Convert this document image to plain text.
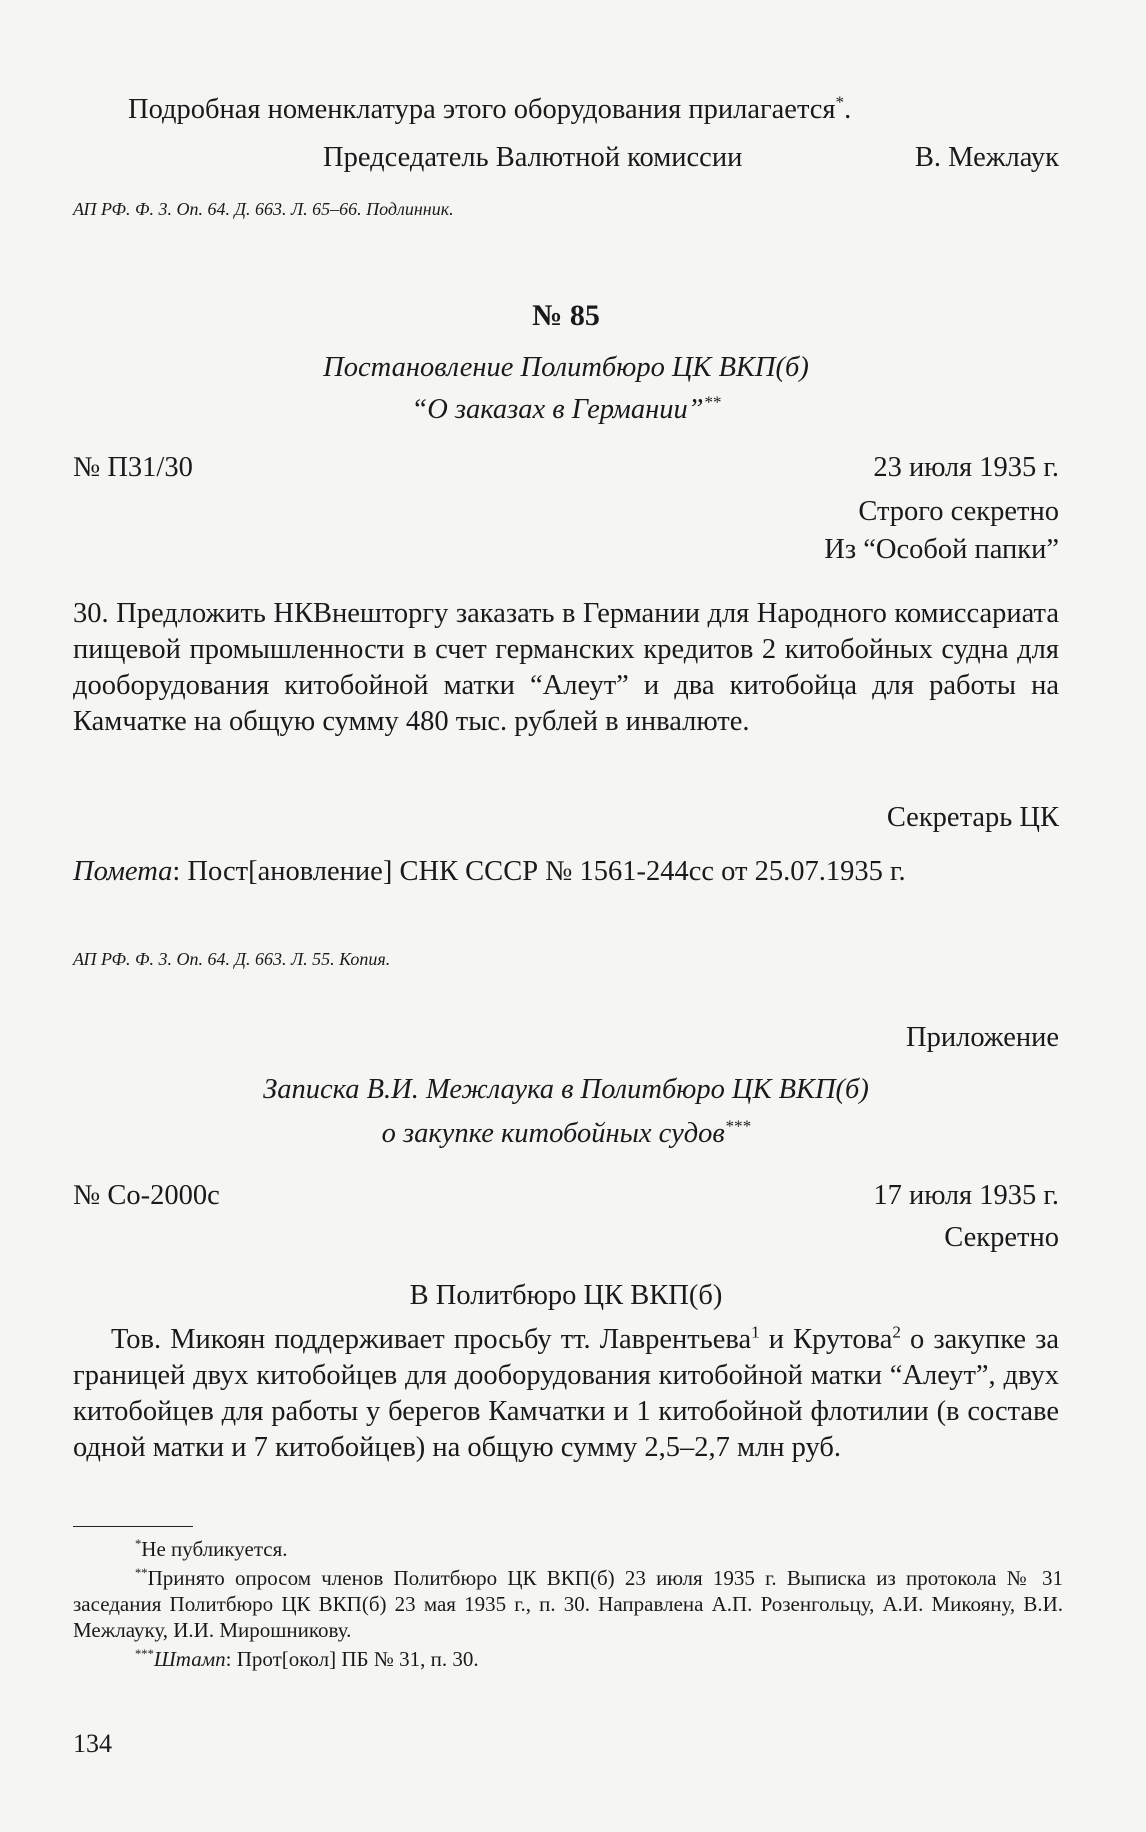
Подробная номенклатура этого оборудования прилагается*.
Председатель Валютной комиссии	В. Межлаук
АП РФ. Ф. 3. Оп. 64. Д. 663. Л. 65–66. Подлинник.
№ 85
Постановление Политбюро ЦК ВКП(б)
“О заказах в Германии”**
№ П31/30	23 июля 1935 г.
Строго секретно
Из “Особой папки”
30. Предложить НКВнешторгу заказать в Германии для Народного комиссариата пищевой промышленности в счет германских кредитов 2 китобойных судна для дооборудования китобойной матки “Алеут” и два китобойца для работы на Камчатке на общую сумму 480 тыс. рублей в инвалюте.
Секретарь ЦК
Помета: Пост[ановление] СНК СССР № 1561-244сс от 25.07.1935 г.
АП РФ. Ф. 3. Оп. 64. Д. 663. Л. 55. Копия.
Приложение
Записка В.И. Межлаука в Политбюро ЦК ВКП(б)
о закупке китобойных судов***
№ Со-2000с	17 июля 1935 г.
Секретно
В Политбюро ЦК ВКП(б)
Тов. Микоян поддерживает просьбу тт. Лаврентьева$^1$ и Крутова$^2$ о закупке за границей двух китобойцев для дооборудования китобойной матки “Алеут”, двух китобойцев для работы у берегов Камчатки и 1 китобойной флотилии (в составе одной матки и 7 китобойцев) на общую сумму 2,5–2,7 млн руб.
*Не публикуется.
**Принято опросом членов Политбюро ЦК ВКП(б) 23 июля 1935 г. Выписка из протокола № 31 заседания Политбюро ЦК ВКП(б) 23 мая 1935 г., п. 30. Направлена А.П. Розенгольцу, А.И. Микояну, В.И. Межлауку, И.И. Мирошникову.
***Штамп: Прот[окол] ПБ № 31, п. 30.
134
